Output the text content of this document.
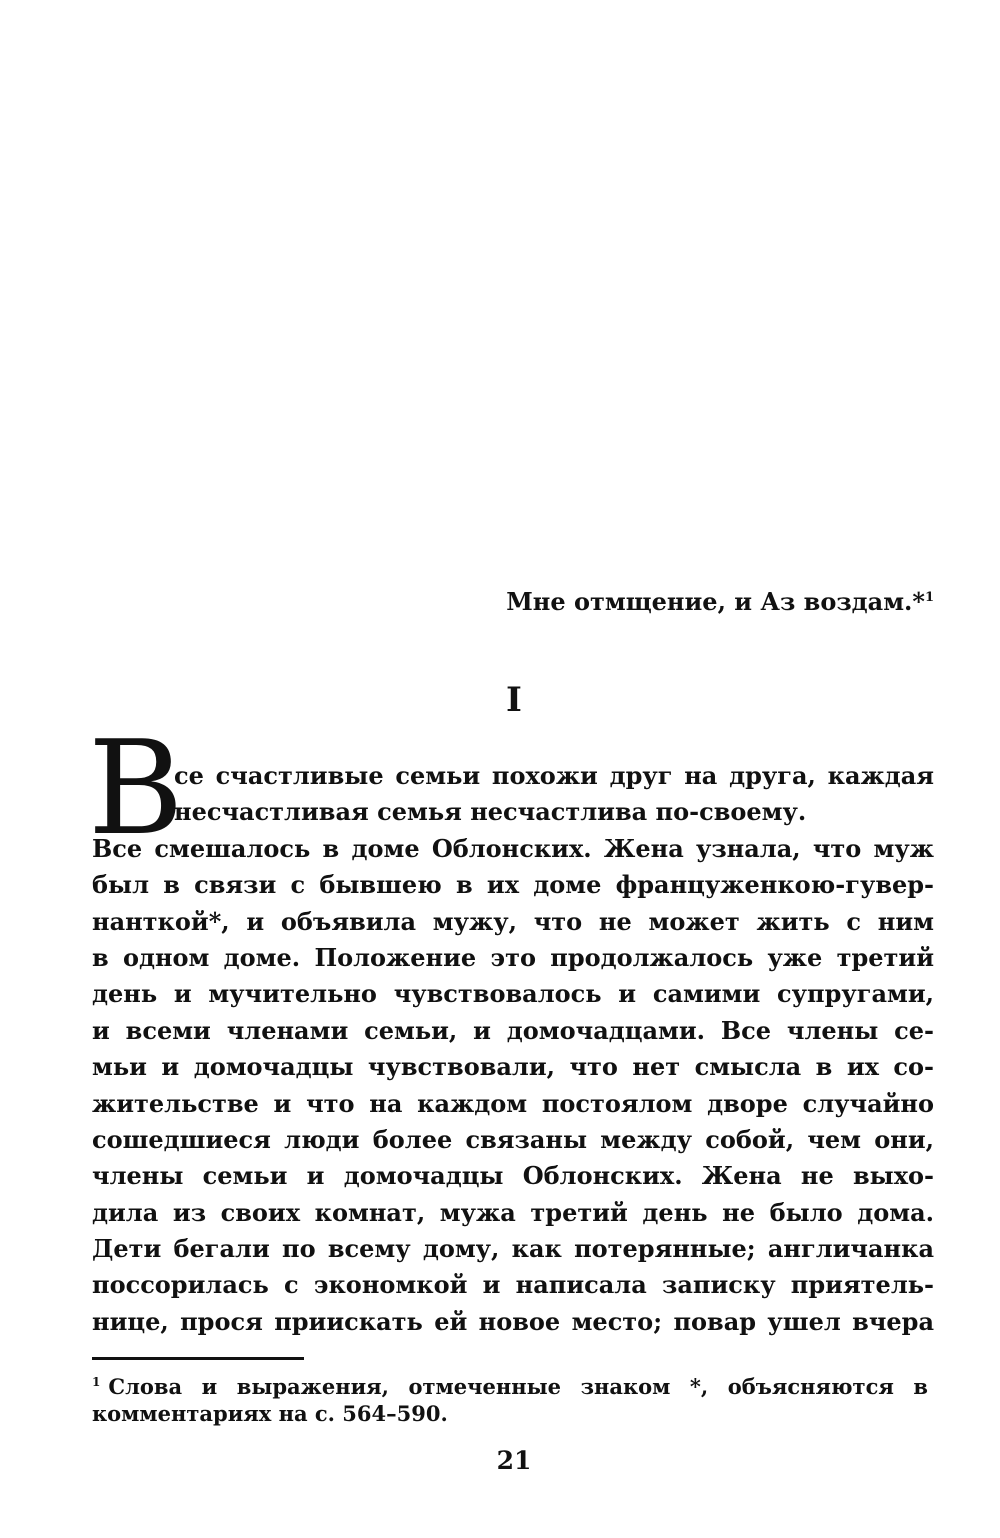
Мне отмщение, и Аз воздам.*$^1$
I
В
се счастливые семьи похожи друг на друга, каждая
несчастливая семья несчастлива по-своему.
Все смешалось в доме Облонских. Жена узнала, что муж
был в связи с бывшею в их доме француженкою-гувер-
нанткой*, и объявила мужу, что не может жить с ним
в одном доме. Положение это продолжалось уже третий
день и мучительно чувствовалось и самими супругами,
и всеми членами семьи, и домочадцами. Все члены се-
мьи и домочадцы чувствовали, что нет смысла в их со-
жительстве и что на каждом постоялом дворе случайно
сошедшиеся люди более связаны между собой, чем они,
члены семьи и домочадцы Облонских. Жена не выхо-
дила из своих комнат, мужа третий день не было дома.
Дети бегали по всему дому, как потерянные; англичанка
поссорилась с экономкой и написала записку приятель-
нице, прося приискать ей новое место; повар ушел вчера
$^1$ Слова и выражения, отмеченные знаком *, объясняются в
комментариях на с. 564–590.
21
